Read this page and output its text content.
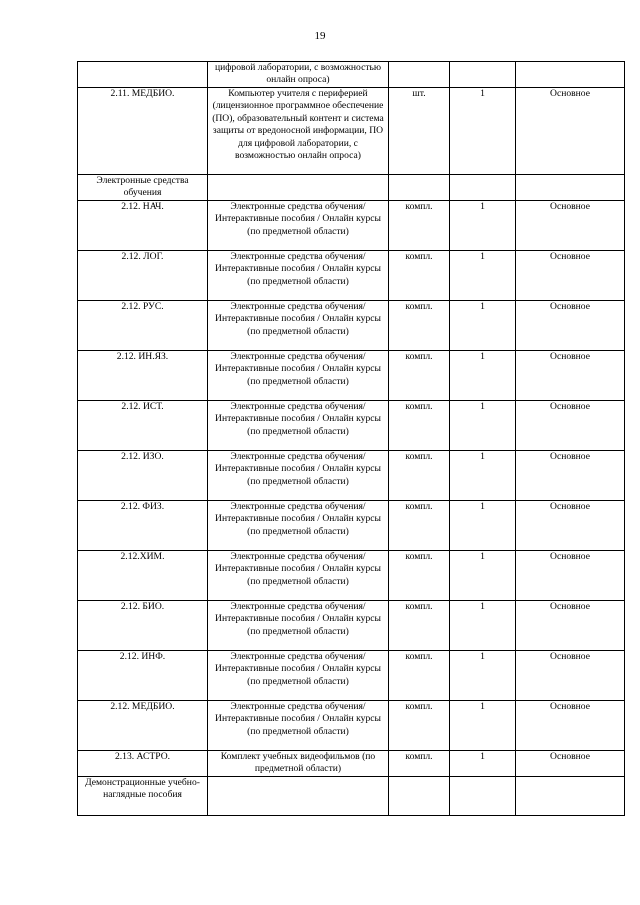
19
	цифровой лаборатории, с возможностью онлайн опроса)			
2.11. МЕДБИО.	Компьютер учителя с периферией (лицензионное программное обеспечение (ПО), образовательный контент и система защиты от вредоносной информации, ПО для цифровой лаборатории, с возможностью онлайн опроса)	шт.	1	Основное
Электронные средства обучения				
2.12. НАЧ.	Электронные средства обучения/Интерактивные пособия / Онлайн курсы (по предметной области)	компл.	1	Основное
2.12. ЛОГ.	Электронные средства обучения/Интерактивные пособия / Онлайн курсы (по предметной области)	компл.	1	Основное
2.12. РУС.	Электронные средства обучения/Интерактивные пособия / Онлайн курсы (по предметной области)	компл.	1	Основное
2.12. ИН.ЯЗ.	Электронные средства обучения/Интерактивные пособия / Онлайн курсы (по предметной области)	компл.	1	Основное
2.12. ИСТ.	Электронные средства обучения/Интерактивные пособия / Онлайн курсы (по предметной области)	компл.	1	Основное
2.12. ИЗО.	Электронные средства обучения/Интерактивные пособия / Онлайн курсы (по предметной области)	компл.	1	Основное
2.12. ФИЗ.	Электронные средства обучения/Интерактивные пособия / Онлайн курсы (по предметной области)	компл.	1	Основное
2.12.ХИМ.	Электронные средства обучения/Интерактивные пособия / Онлайн курсы (по предметной области)	компл.	1	Основное
2.12. БИО.	Электронные средства обучения/Интерактивные пособия / Онлайн курсы (по предметной области)	компл.	1	Основное
2.12. ИНФ.	Электронные средства обучения/Интерактивные пособия / Онлайн курсы (по предметной области)	компл.	1	Основное
2.12. МЕДБИО.	Электронные средства обучения/Интерактивные пособия / Онлайн курсы (по предметной области)	компл.	1	Основное
2.13. АСТРО.	Комплект учебных видеофильмов (по предметной области)	компл.	1	Основное
Демонстрационные учебно-наглядные пособия				
